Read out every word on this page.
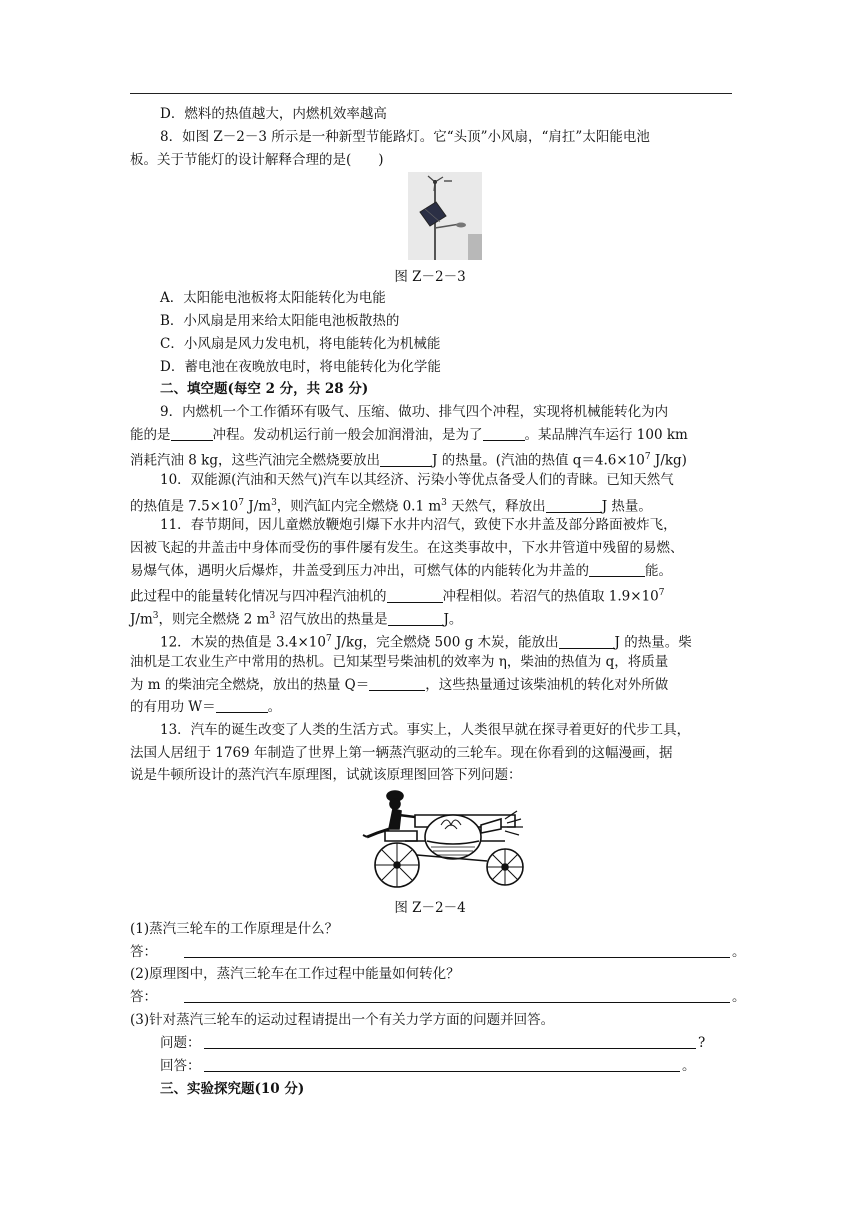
D．燃料的热值越大，内燃机效率越高
8．如图 Z－2－3 所示是一种新型节能路灯。它“头顶”小风扇，“肩扛”太阳能电池
板。关于节能灯的设计解释合理的是(　　)
图 Z－2－3
A．太阳能电池板将太阳能转化为电能
B．小风扇是用来给太阳能电池板散热的
C．小风扇是风力发电机，将电能转化为机械能
D．蓄电池在夜晚放电时，将电能转化为化学能
二、填空题(每空 2 分，共 28 分)
9．内燃机一个工作循环有吸气、压缩、做功、排气四个冲程，实现将机械能转化为内
能的是	冲程。发动机运行前一般会加润滑油，是为了	。某品牌汽车运行 100 km
消耗汽油 8 kg，这些汽油完全燃烧要放出	J 的热量。(汽油的热值 $q=4.6\times 10^7$ J/kg)
10．双能源(汽油和天然气)汽车以其经济、污染小等优点备受人们的青睐。已知天然气
的热值是 $7.5\times 10^7$ $J/m^3$，则汽缸内完全燃烧 0.1 $m^3$ 天然气，释放出	J 热量。
11．春节期间，因儿童燃放鞭炮引爆下水井内沼气，致使下水井盖及部分路面被炸飞，
因被飞起的井盖击中身体而受伤的事件屡有发生。在这类事故中，下水井管道中残留的易燃、
易爆气体，遇明火后爆炸，井盖受到压力冲出，可燃气体的内能转化为井盖的	能。
此过程中的能量转化情况与四冲程汽油机的	冲程相似。若沼气的热值取 $1.9\times 10^7$
$J/m^3$，则完全燃烧 2 $m^3$ 沼气放出的热量是	J。
12．木炭的热值是 $3.4\times 10^7$ J/kg，完全燃烧 500 g 木炭，能放出	J 的热量。柴
油机是工农业生产中常用的热机。已知某型号柴油机的效率为 η，柴油的热值为 q，将质量
为 m 的柴油完全燃烧，放出的热量 Q＝	，这些热量通过该柴油机的转化对外所做
的有用功 W＝	。
13．汽车的诞生改变了人类的生活方式。事实上，人类很早就在探寻着更好的代步工具，
法国人居纽于 1769 年制造了世界上第一辆蒸汽驱动的三轮车。现在你看到的这幅漫画，据
说是牛顿所设计的蒸汽汽车原理图，试就该原理图回答下列问题：
图 Z－2－4
(1)蒸汽三轮车的工作原理是什么？
答：	。
(2)原理图中，蒸汽三轮车在工作过程中能量如何转化？
答：	。
(3)针对蒸汽三轮车的运动过程请提出一个有关力学方面的问题并回答。
问题：	?
回答：	。
三、实验探究题(10 分)
